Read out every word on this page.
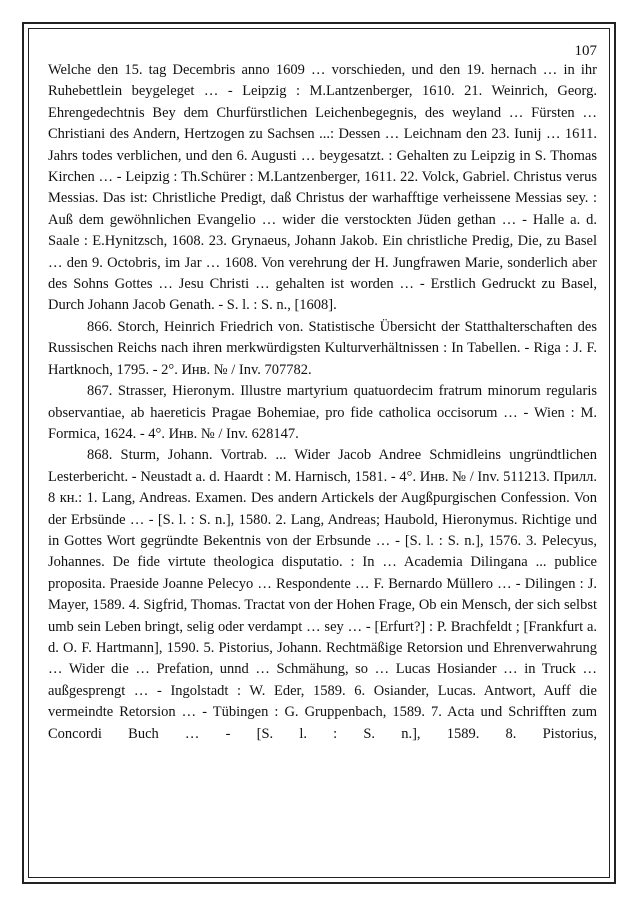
107

Welche den 15. tag Decembris anno 1609 … vorschieden, und den 19. hernach … in ihr Ruhebettlein beygeleget … - Leipzig : M.Lantzenberger, 1610. 21. Weinrich, Georg. Ehrengedechtnis Bey dem Churfürstlichen Leichenbegegnis, des weyland … Fürsten … Christiani des Andern, Hertzogen zu Sachsen ...: Dessen … Leichnam den 23. Iunij … 1611. Jahrs todes verblichen, und den 6. Augusti … beygesatzt. : Gehalten zu Leipzig in S. Thomas Kirchen … - Leipzig : Th.Schürer : M.Lantzenberger, 1611. 22. Volck, Gabriel. Christus verus Messias. Das ist: Christliche Predigt, daß Christus der warhafftige verheissene Messias sey. : Auß dem gewöhnlichen Evangelio … wider die verstockten Jüden gethan … - Halle a. d. Saale : E.Hynitzsch, 1608. 23. Grynaeus, Johann Jakob. Ein christliche Predig, Die, zu Basel … den 9. Octobris, im Jar … 1608. Von verehrung der H. Jungfrawen Marie, sonderlich aber des Sohns Gottes … Jesu Christi … gehalten ist worden … - Erstlich Gedruckt zu Basel, Durch Johann Jacob Genath. - S. l. : S. n., [1608].

866. Storch, Heinrich Friedrich von. Statistische Übersicht der Statthalterschaften des Russischen Reichs nach ihren merkwürdigsten Kulturverhältnissen : In Tabellen. - Riga : J. F. Hartknoch, 1795. - 2°. Инв. № / Inv. 707782.

867. Strasser, Hieronym. Illustre martyrium quatuordecim fratrum minorum regularis observantiae, ab haereticis Pragae Bohemiae, pro fide catholica occisorum … - Wien : M. Formica, 1624. - 4°. Инв. № / Inv. 628147.

868. Sturm, Johann. Vortrab. ... Wider Jacob Andree Schmidleins ungründtlichen Lesterbericht. - Neustadt a. d. Haardt : M. Harnisch, 1581. - 4°. Инв. № / Inv. 511213. Прилл. 8 кн.: 1. Lang, Andreas. Examen. Des andern Artickels der Augßpurgischen Confession. Von der Erbsünde … - [S. l. : S. n.], 1580. 2. Lang, Andreas; Haubold, Hieronymus. Richtige und in Gottes Wort gegründte Bekentnis von der Erbsunde … - [S. l. : S. n.], 1576. 3. Pelecyus, Johannes. De fide virtute theologica disputatio. : In … Academia Dilingana ... publice proposita. Praeside Joanne Pelecyo … Respondente … F. Bernardo Müllero … - Dilingen : J. Mayer, 1589. 4. Sigfrid, Thomas. Tractat von der Hohen Frage, Ob ein Mensch, der sich selbst umb sein Leben bringt, selig oder verdampt … sey … - [Erfurt?] : P. Brachfeldt ; [Frankfurt a. d. O. F. Hartmann], 1590. 5. Pistorius, Johann. Rechtmäßige Retorsion und Ehrenverwahrung … Wider die … Prefation, unnd … Schmähung, so … Lucas Hosiander … in Truck … außgesprengt … - Ingolstadt : W. Eder, 1589. 6. Osiander, Lucas. Antwort, Auff die vermeindte Retorsion … - Tübingen : G. Gruppenbach, 1589. 7. Acta und Schrifften zum Concordi Buch … - [S. l. : S. n.], 1589. 8. Pistorius,
